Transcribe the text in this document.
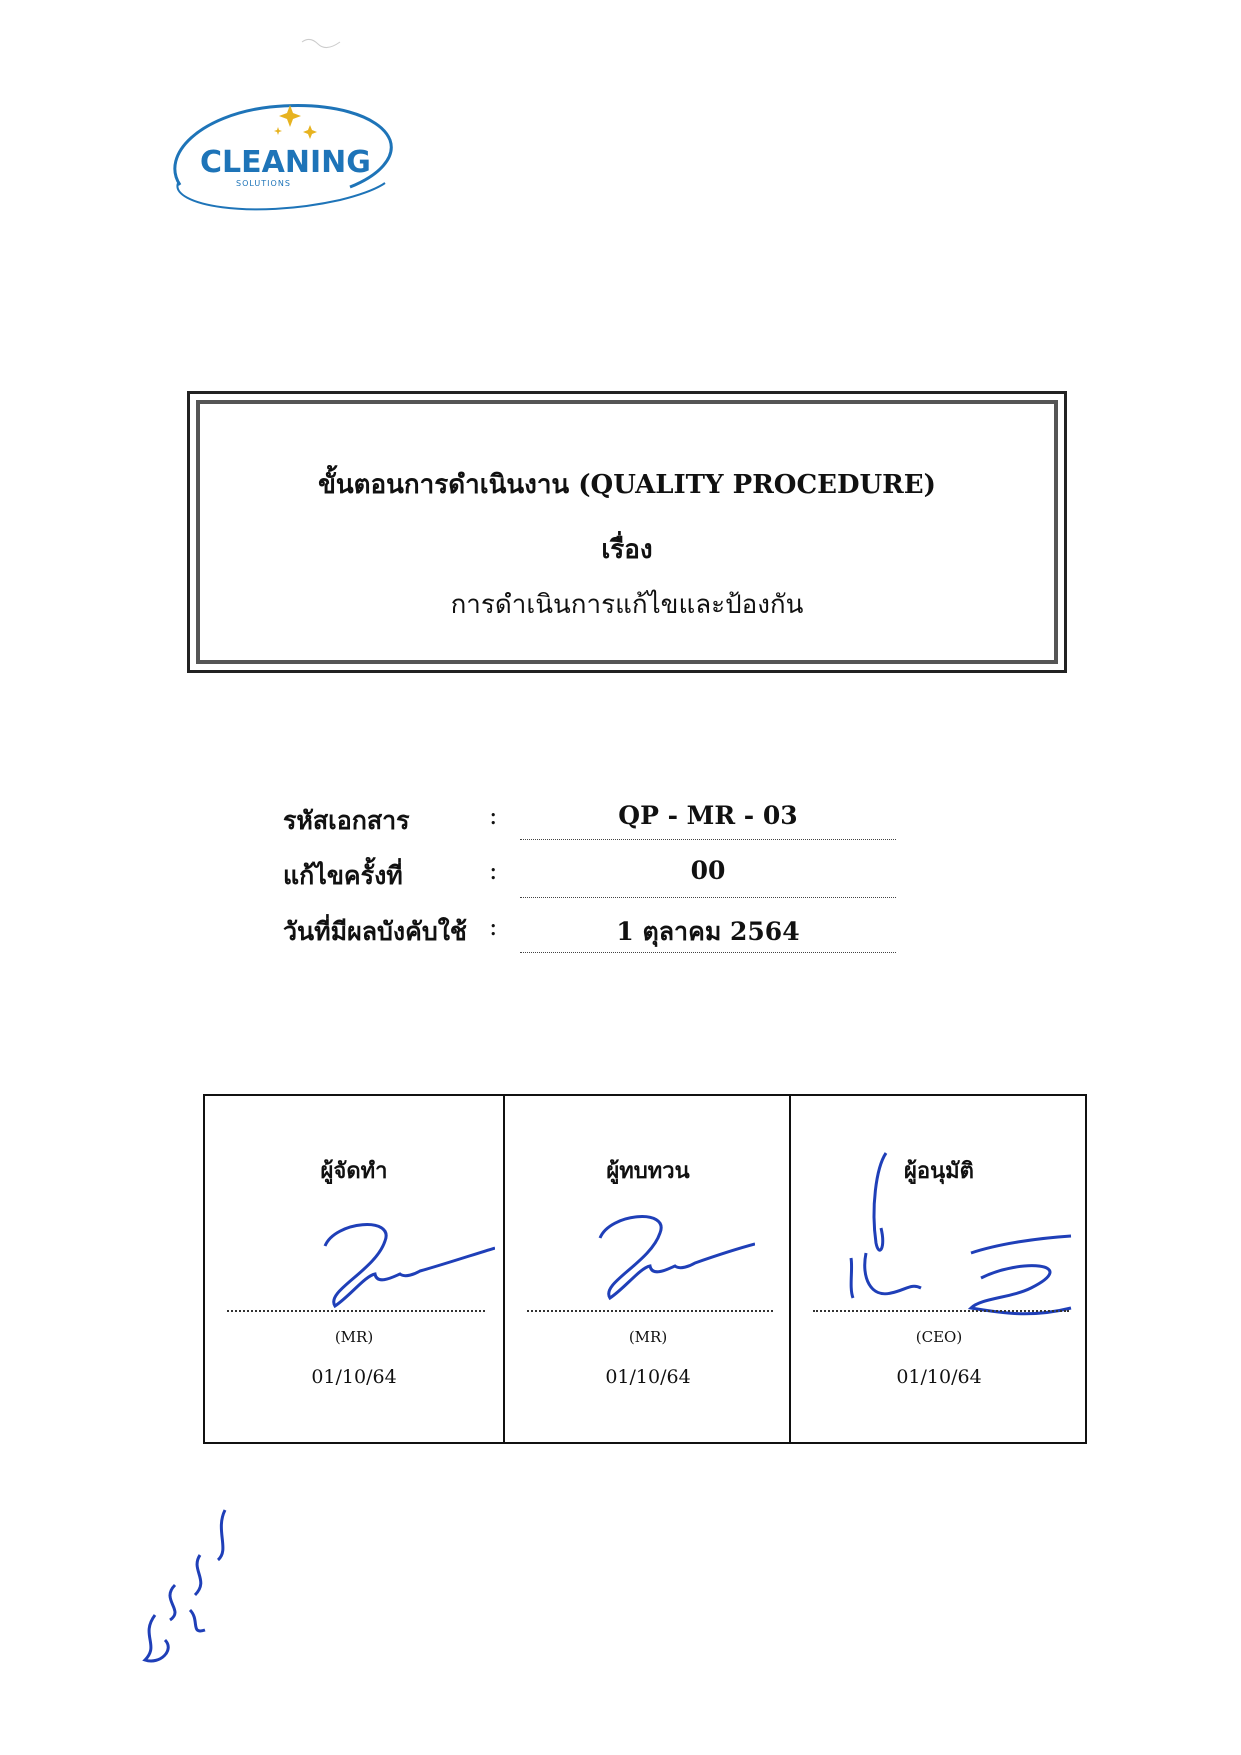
CLEANING
SOLUTIONS
ขั้นตอนการดำเนินงาน (QUALITY PROCEDURE)
เรื่อง
การดำเนินการแก้ไขและป้องกัน
รหัสเอกสาร	:	QP - MR - 03
แก้ไขครั้งที่	:	00
วันที่มีผลบังคับใช้ :	1 ตุลาคม 2564
ผู้จัดทำ
(MR)
01/10/64
ผู้ทบทวน
(MR)
01/10/64
ผู้อนุมัติ
(CEO)
01/10/64
